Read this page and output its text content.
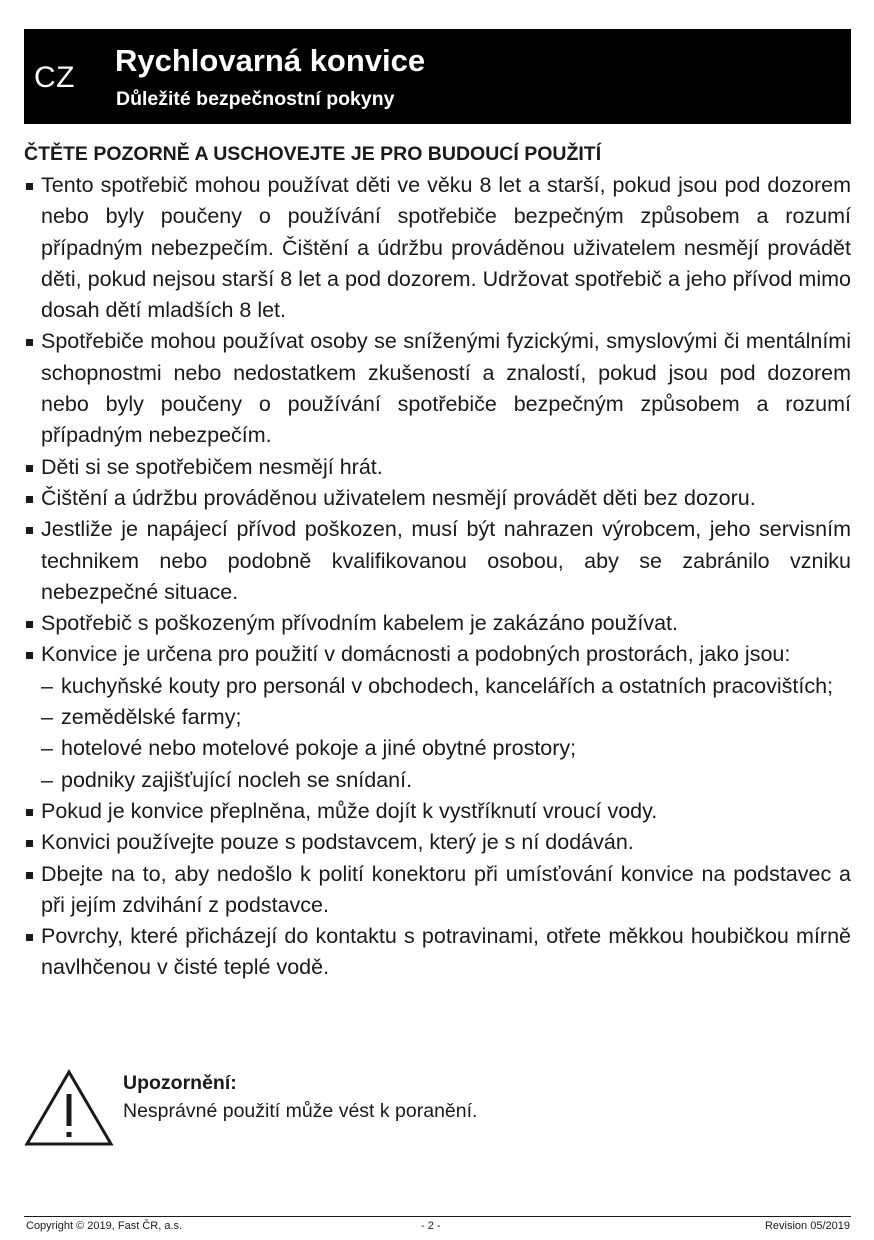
CZ Rychlovarná konvice
Důležité bezpečnostní pokyny

ČTĚTE POZORNĚ A USCHOVEJTE JE PRO BUDOUCÍ POUŽITÍ

Tento spotřebič mohou používat děti ve věku 8 let a starší, pokud jsou pod dozorem nebo byly poučeny o používání spotřebiče bezpečným způsobem a rozumí případným nebezpečím. Čištění a údržbu prováděnou uživatelem nesmějí provádět děti, pokud nejsou starší 8 let a pod dozorem. Udržovat spotřebič a jeho přívod mimo dosah dětí mladších 8 let.
Spotřebiče mohou používat osoby se sníženými fyzickými, smyslovými či mentálními schopnostmi nebo nedostatkem zkušeností a znalostí, pokud jsou pod dozorem nebo byly poučeny o používání spotřebiče bezpečným způsobem a rozumí případným nebezpečím.
Děti si se spotřebičem nesmějí hrát.
Čištění a údržbu prováděnou uživatelem nesmějí provádět děti bez dozoru.
Jestliže je napájecí přívod poškozen, musí být nahrazen výrobcem, jeho servisním technikem nebo podobně kvalifikovanou osobou, aby se zabránilo vzniku nebezpečné situace.
Spotřebič s poškozeným přívodním kabelem je zakázáno používat.
Konvice je určena pro použití v domácnosti a podobných prostorách, jako jsou:
– kuchyňské kouty pro personál v obchodech, kancelářích a ostatních pracovištích;
– zemědělské farmy;
– hotelové nebo motelové pokoje a jiné obytné prostory;
– podniky zajišťující nocleh se snídaní.
Pokud je konvice přeplněna, může dojít k vystříknutí vroucí vody.
Konvici používejte pouze s podstavcem, který je s ní dodáván.
Dbejte na to, aby nedošlo k polití konektoru při umísťování konvice na podstavec a při jejím zdvihání z podstavce.
Povrchy, které přicházejí do kontaktu s potravinami, otřete měkkou houbičkou mírně navlhčenou v čisté teplé vodě.
Upozornění:
Nesprávné použití může vést k poranění.
Copyright © 2019, Fast ČR, a.s.	- 2 -	Revision 05/2019
